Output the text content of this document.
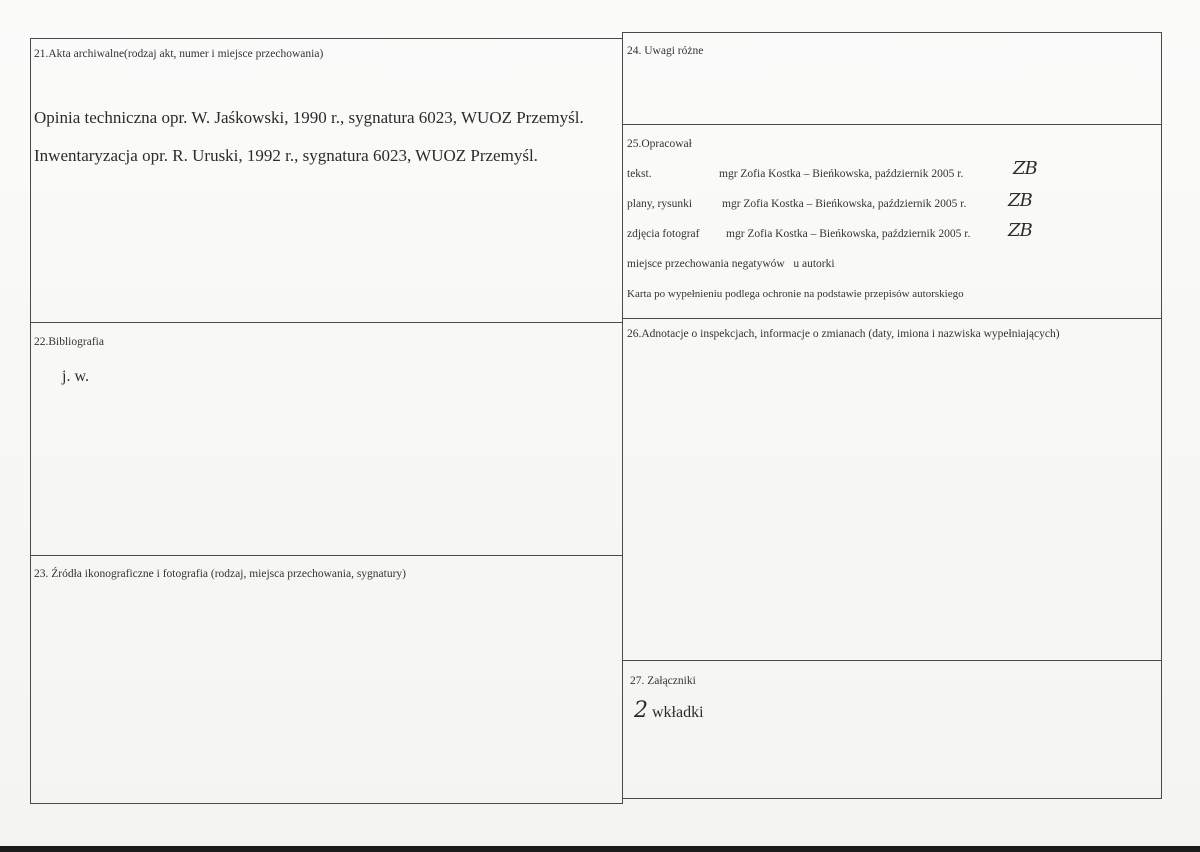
21.Akta archiwalne(rodzaj akt, numer i miejsce przechowania)
Opinia techniczna opr. W. Jaśkowski, 1990 r., sygnatura 6023, WUOZ Przemyśl.
Inwentaryzacja opr. R. Uruski, 1992 r., sygnatura 6023, WUOZ Przemyśl.
22.Bibliografia
j. w.
23. Źródła ikonograficzne i fotografia (rodzaj, miejsca przechowania, sygnatury)
24. Uwagi różne
25.Opracował
tekst.	mgr Zofia Kostka – Bieńkowska, październik 2005 r.	ZB
plany, rysunki	mgr Zofia Kostka – Bieńkowska, październik 2005 r. ZB
zdjęcia fotograf mgr Zofia Kostka – Bieńkowska, październik 2005 r. ZB
miejsce przechowania negatywów   u autorki
Karta po wypełnieniu podlega ochronie na podstawie przepisów autorskiego
26.Adnotacje o inspekcjach, informacje o zmianach (daty, imiona i nazwiska wypełniających)
27. Załączniki
2 wkładki
